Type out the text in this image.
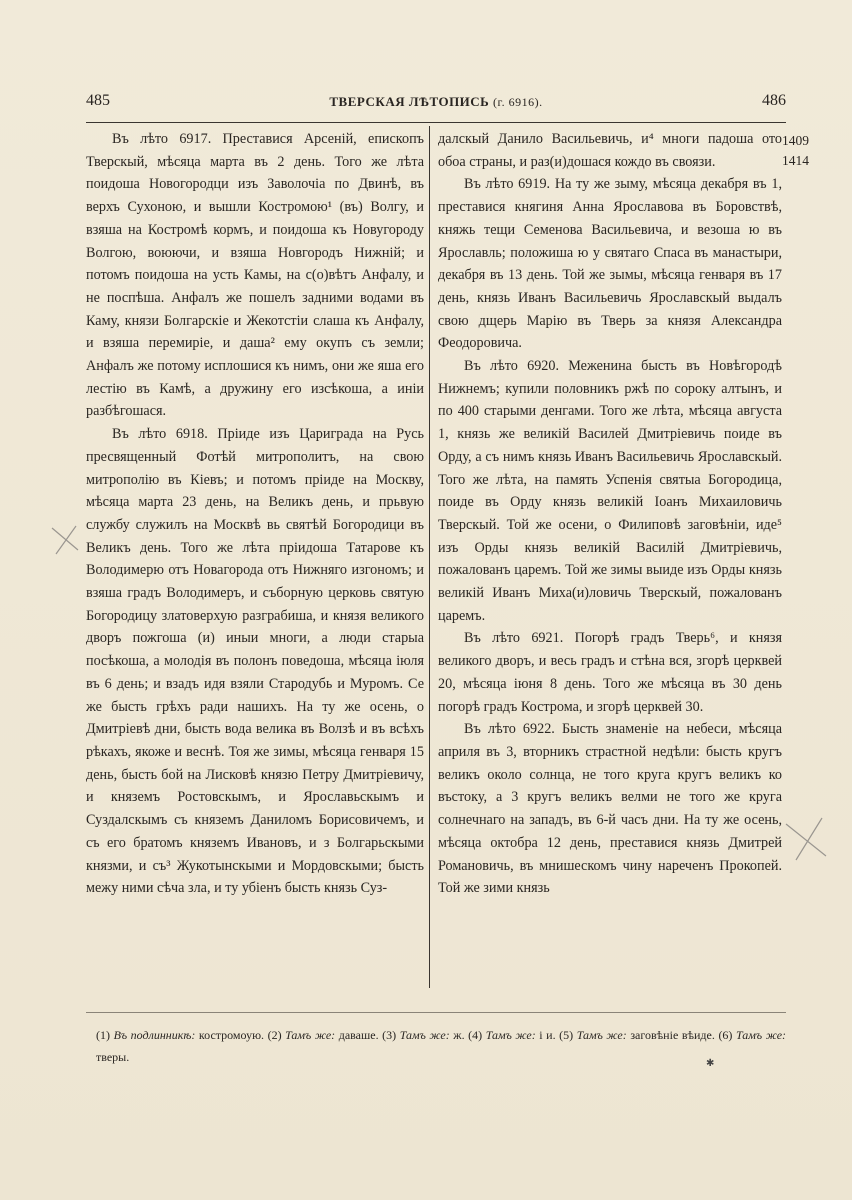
485	ТВЕРСКАЯ ЛѢТОПИСЬ (г. 6916).	486

Въ лѣто 6917. Преставися Арсеній, епископъ Тверскый, мѣсяца марта въ 2 день. Того же лѣта поидоша Новогородци изъ Заволочіа по Двинѣ, въ верхъ Сухоною, и вышли Костромою¹ (въ) Волгу, и взяша на Костромѣ кормъ, и поидоша къ Новугороду Волгою, воюючи, и взяша Новгородъ Нижній; и потомъ поидоша на усть Камы, на с(о)вѣтъ Анфалу, и не поспѣша. Анфалъ же пошелъ задними водами въ Каму, князи Болгарскіе и Жекотстіи слаша къ Анфалу, и взяша перемиріе, и даша² ему окупъ съ земли; Анфалъ же потому исплошися къ нимъ, они же яша его лестію въ Камѣ, а дружину его изсѣкоша, а иніи разбѣгошася.

Въ лѣто 6918. Пріиде изъ Цариграда на Русь пресвященный Фотѣй митрополитъ, на свою митрополію въ Кіевъ; и потомъ пріиде на Москву, мѣсяца марта 23 день, на Великъ день, и прьвую службу служилъ на Москвѣ вь святѣй Богородици въ Великъ день. Того же лѣта пріидоша Татарове къ Володимерю отъ Новагорода отъ Нижняго изгономъ; и взяша градъ Володимеръ, и съборную церковь святую Богородицу златоверхую разграбиша, и князя великого дворъ пожгоша (и) иныи многи, а люди старыа посѣкоша, а молодія въ полонъ поведоша, мѣсяца іюля въ 6 день; и взадъ идя взяли Стародубь и Муромъ. Се же бысть грѣхъ ради нашихъ. На ту же осень, о Дмитріевѣ дни, бысть вода велика въ Волзѣ и въ всѣхъ рѣкахъ, якоже и веснѣ. Тоя же зимы, мѣсяца генваря 15 день, бысть бой на Лисковѣ князю Петру Дмитріевичу, и княземъ Ростовскымъ, и Ярославьскымъ и Суздалскымъ съ княземъ Даниломъ Борисовичемъ, и съ его братомъ княземъ Ивановъ, и з Болгарьскыми князми, и съ³ Жукотынскыми и Мордовскыми; бысть межу ними сѣча зла, и ту убіенъ бысть князь Суз-

далскый Данило Васильевичь, и⁴ многи падоша ото обоа страны, и раз(и)дошася кождо въ своязи.

Въ лѣто 6919. На ту же зыму, мѣсяца декабря въ 1, преставися княгиня Анна Ярославова въ Боровствѣ, княжь тещи Семенова Васильевича, и везоша ю въ Ярославль; положиша ю у святаго Спаса въ манастыри, декабря въ 13 день. Той же зымы, мѣсяца генваря въ 17 день, князь Иванъ Васильевичь Ярославскый выдалъ свою дщерь Марію въ Тверь за князя Александра Феодоровича.

Въ лѣто 6920. Меженина бысть въ Новѣгородѣ Нижнемъ; купили половникъ ржѣ по сороку алтынъ, и по 400 старыми денгами. Того же лѣта, мѣсяца августа 1, князь же великій Василей Дмитріевичь поиде въ Орду, а съ нимъ князь Иванъ Васильевичь Ярославскый. Того же лѣта, на память Успенія святыа Богородица, поиде въ Орду князь великій Іоанъ Михаиловичь Тверскый. Той же осени, о Филиповѣ заговѣніи, иде⁵ изъ Орды князь великій Василій Дмитріевичь, пожалованъ царемъ. Той же зимы выиде изъ Орды князь великій Иванъ Миха(и)ловичь Тверскый, пожалованъ царемъ.

Въ лѣто 6921. Погорѣ градъ Тверь⁶, и князя великого дворъ, и весь градъ и стѣна вся, згорѣ церквей 20, мѣсяца іюня 8 день. Того же мѣсяца въ 30 день погорѣ градъ Кострома, и згорѣ церквей 30.

Въ лѣто 6922. Бысть знаменіе на небеси, мѣсяца априля въ 3, вторникъ страстной недѣли: бысть кругъ великъ около солнца, не того круга кругъ великъ ко въстоку, а 3 кругъ великъ велми не того же круга солнечнаго на западъ, въ 6-й часъ дни. На ту же осень, мѣсяца октобра 12 день, преставися князь Дмитрей Романовичь, въ мнишескомъ чину нареченъ Прокопей. Той же зими князь

1409
1414
(1) Въ подлинникѣ: костромоую. (2) Тамъ же: даваше. (3) Тамъ же: ж. (4) Тамъ же: і и. (5) Тамъ же: заговѣніе вѣиде. (6) Тамъ же: тверы.	✱
